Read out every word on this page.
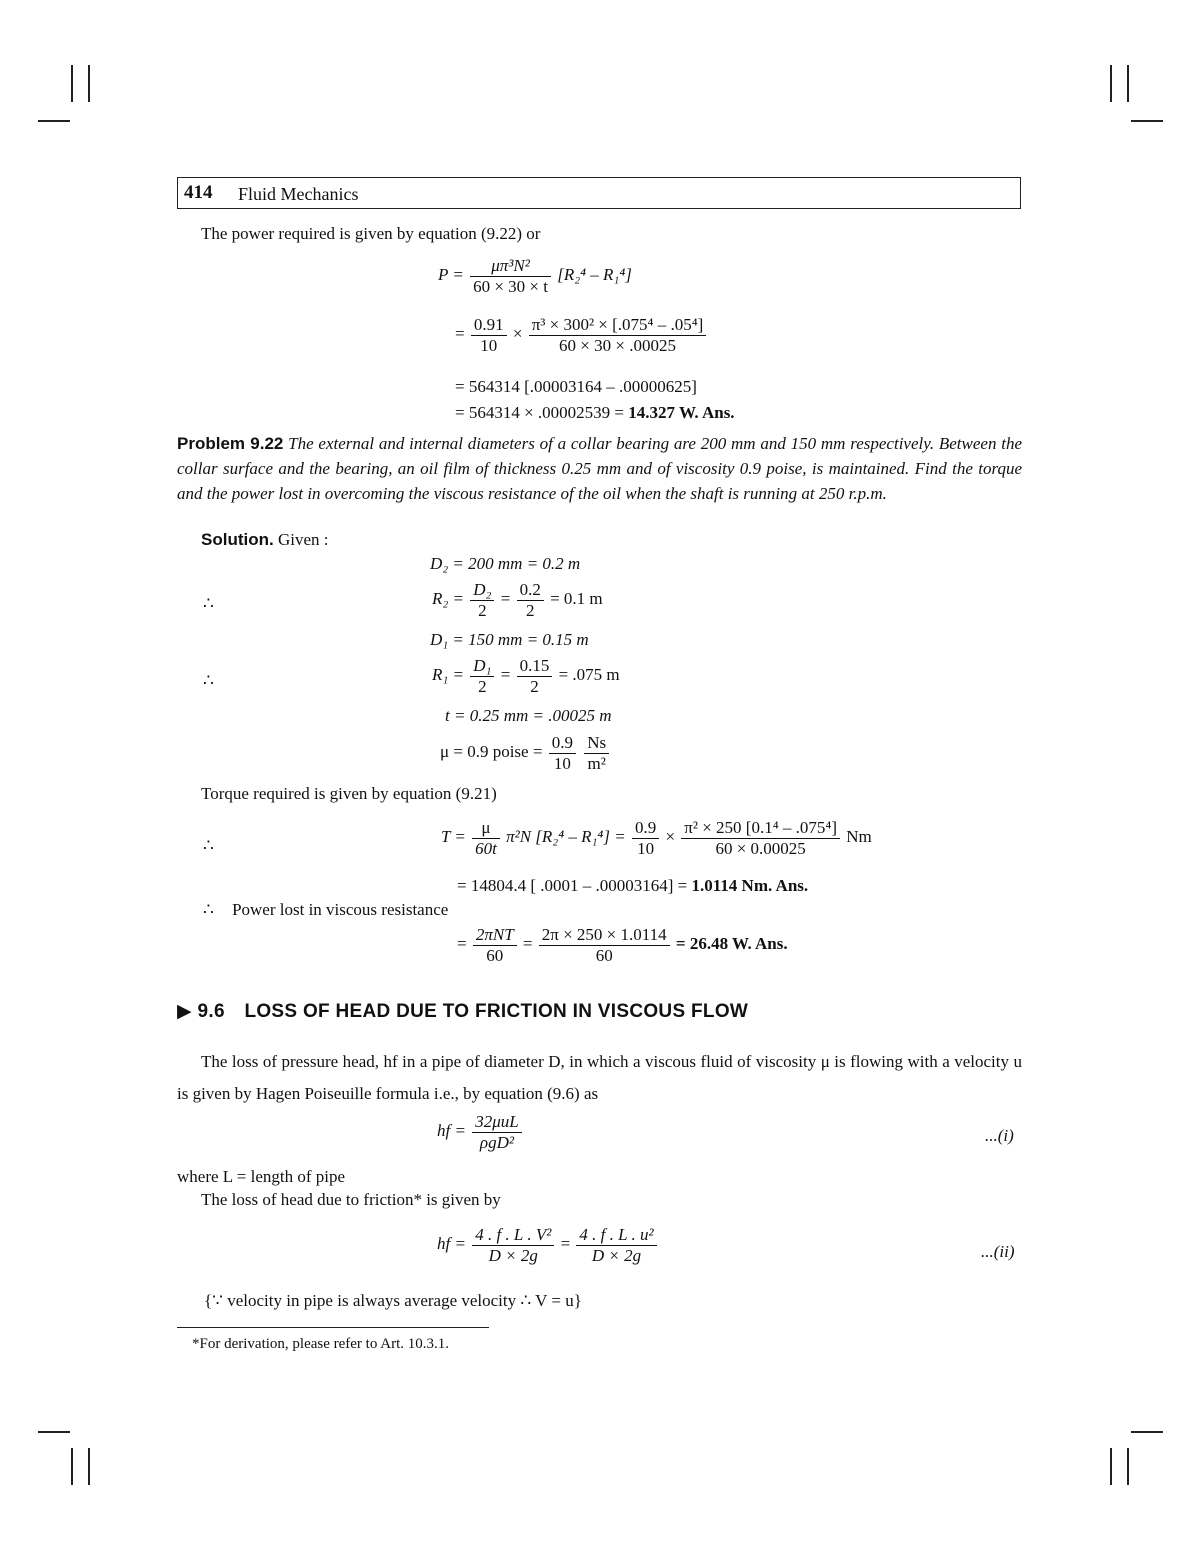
414 Fluid Mechanics
The power required is given by equation (9.22) or
$P = \frac{\text{μπ³N²}}{60 \times 30 \times t} [R_2^4 - R_1^4]$
= $\frac{0.91}{10} \times \frac{\text{π³ × 300² × [.075⁴ – .05⁴]}}{60 \times 30 \times .00025}$
= 564314 [.00003164 – .00000625]
= 564314 × .00002539 = 14.327 W. Ans.
Problem 9.22 The external and internal diameters of a collar bearing are 200 mm and 150 mm respectively. Between the collar surface and the bearing, an oil film of thickness 0.25 mm and of viscosity 0.9 poise, is maintained. Find the torque and the power lost in overcoming the viscous resistance of the oil when the shaft is running at 250 r.p.m.
Solution. Given :
D₂ = 200 mm = 0.2 m
∴	$R_2 = \frac{\text{D₂}}{2} = \frac{0.2}{2} = 0.1$ m
D₁ = 150 mm = 0.15 m
∴	$R_1 = \frac{\text{D₁}}{2} = \frac{0.15}{2} = .075$ m
t = 0.25 mm = .00025 m
μ = 0.9 poise = $\frac{0.9}{10}$
$\frac{Ns}{\text{m²}}$
Torque required is given by equation (9.21)
∴	$T = \frac{\mu}{60t} \pi^2N$ $[R_2^4 - R_1^4] = \frac{0.9}{10} \times \frac{\text{π² × 250 [0.1⁴ – .075⁴]}}{60 \times 0.00025}$ Nm
= 14804.4 [ .0001 – .00003164] = 1.0114 Nm. Ans.
∴ Power lost in viscous resistance
= $\frac{\text{2πNT}}{60} = \frac{2\pi \times 250 \times 1.0114}{60} = 26.48$ W. Ans.
▶ 9.6 LOSS OF HEAD DUE TO FRICTION IN VISCOUS FLOW
The loss of pressure head, hf in a pipe of diameter D, in which a viscous fluid of viscosity μ is flowing with a velocity u is given by Hagen Poiseuille formula i.e., by equation (9.6) as
hf = $\frac{\text{32μuL}}{\text{ρgD²}}$	...(i)
where L = length of pipe
The loss of head due to friction* is given by
hf = $\frac{\text{4 . f . L . V²}}{D \times 2g} = \frac{\text{4 . f . L . u²}}{D \times 2g}$	...(ii)
{∵ velocity in pipe is always average velocity ∴ V = u}
*For derivation, please refer to Art. 10.3.1.
